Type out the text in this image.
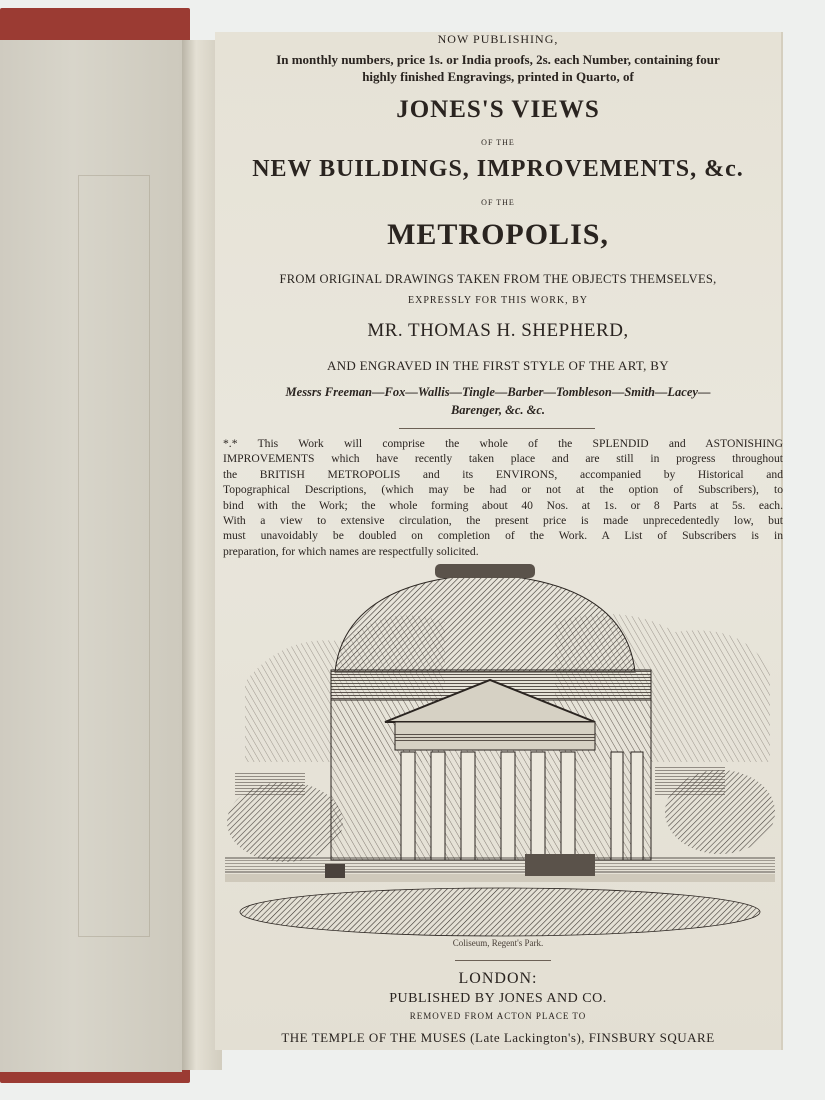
NOW PUBLISHING,
In monthly numbers, price 1s. or India proofs, 2s. each Number, containing four
highly finished Engravings, printed in Quarto, of
JONES'S VIEWS
OF THE
NEW BUILDINGS, IMPROVEMENTS, &c.
OF THE
METROPOLIS,
FROM ORIGINAL DRAWINGS TAKEN FROM THE OBJECTS THEMSELVES,
EXPRESSLY FOR THIS WORK, BY
MR. THOMAS H. SHEPHERD,
AND ENGRAVED IN THE FIRST STYLE OF THE ART, BY
Messrs Freeman—Fox—Wallis—Tingle—Barber—Tombleson—Smith—Lacey—
Barenger, &c. &c.

*.* This Work will comprise the whole of the SPLENDID and ASTONISHING

IMPROVEMENTS which have recently taken place and are still in progress throughout

the BRITISH METROPOLIS and its ENVIRONS, accompanied by Historical and

Topographical Descriptions, (which may be had or not at the option of Subscribers), to

bind with the Work; the whole forming about 40 Nos. at 1s. or 8 Parts at 5s. each.

With a view to extensive circulation, the present price is made unprecedentedly low, but

must unavoidably be doubled on completion of the Work. A List of Subscribers is in

preparation, for which names are respectfully solicited.

Coliseum, Regent's Park.
LONDON:
PUBLISHED BY JONES AND CO.
REMOVED FROM ACTON PLACE TO
THE TEMPLE OF THE MUSES (Late Lackington's), FINSBURY SQUARE
